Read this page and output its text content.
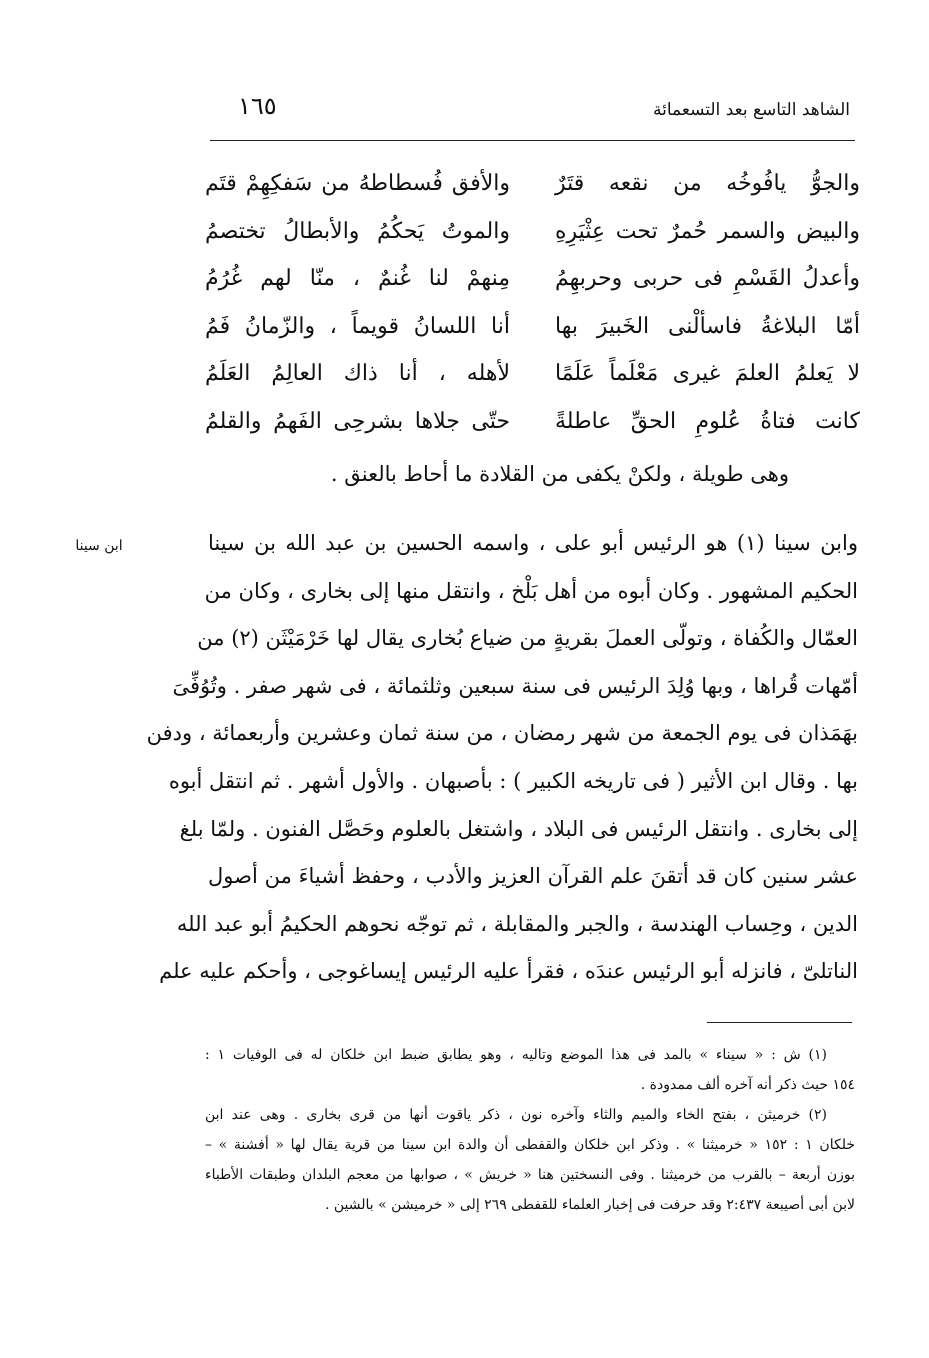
الشاهد التاسع بعد التسعمائة
١٦٥
والجوُّ يافُوخُه من نقعه قتَرٌ
والأفق فُسطاطهُ من سَفكِهِمْ قتَم
والبيض والسمر حُمرٌ تحت عِثْيَرِهِ
والموتُ يَحكُمُ والأبطالُ تختصمُ
وأعدلُ القَسْمِ فى حربى وحربهِمُ
مِنهمْ لنا غُنمٌ ، منّا لهم غُرُمُ
أمّا البلاغةُ فاسألْنى الخَبيرَ بها
أنا اللسانُ قويماً ، والزّمانُ فَمُ
لا يَعلمُ العلمَ غيرى مَعْلَماً عَلَمًا
لأهله ، أنا ذاك العالِمُ العَلَمُ
كانت فتاةُ عُلومِ الحقِّ عاطلةً
حتّى جلاها بشرحِى الفَهمُ والقلمُ
وهى طويلة ، ولكنْ يكفى من القلادة ما أحاط بالعنق .
ابن سينا	وابن سينا (١) هو الرئيس أبو على ، واسمه الحسين بن عبد الله بن سينا
الحكيم المشهور . وكان أبوه من أهل بَلْخ ، وانتقل منها إلى بخارى ، وكان من
العمّال والكُفاة ، وتولّى العملَ بقريةٍ من ضياع بُخارى يقال لها خَرْمَيْثَن (٢) من
أمّهات قُراها ، وبها وُلِدَ الرئيس فى سنة سبعين وثلثمائة ، فى شهر صفر . وتُوُفِّىَ
بهَمَذان فى يوم الجمعة من شهر رمضان ، من سنة ثمان وعشرين وأربعمائة ، ودفن
بها . وقال ابن الأثير ( فى تاريخه الكبير ) : بأصبهان . والأول أشهر . ثم انتقل أبوه
إلى بخارى . وانتقل الرئيس فى البلاد ، واشتغل بالعلوم وحَصَّل الفنون . ولمّا بلغ
عشر سنين كان قد أتقنَ علم القرآن العزيز والأدب ، وحفظ أشياءَ من أصول
الدين ، وحِساب الهندسة ، والجبر والمقابلة ، ثم توجّه نحوهم الحكيمُ أبو عبد الله
الناتلىّ ، فانزله أبو الرئيس عندَه ، فقرأ عليه الرئيس إيساغوجى ، وأحكم عليه علم
(١) ش : « سيناء » بالمد فى هذا الموضع وتاليه ، وهو يطابق ضبط ابن خلكان له فى الوفيات ١ :
١٥٤ حيث ذكر أنه آخره ألف ممدودة .
(٢) خرميثن ، بفتح الخاء والميم والثاء وآخره نون ، ذكر ياقوت أنها من قرى بخارى . وهى عند ابن
خلكان ١ : ١٥٢ « خرميثنا » . وذكر ابن خلكان والقفطى أن والدة ابن سينا من قرية يقال لها « أفشنة » –
بوزن أربعة – بالقرب من خرميثنا . وفى النسختين هنا « خريش » ، صوابها من معجم البلدان وطبقات الأطباء
لابن أبى أصيبعة ٢:٤٣٧ وقد حرفت فى إخبار العلماء للقفطى ٢٦٩ إلى « خرميشن » بالشين .
